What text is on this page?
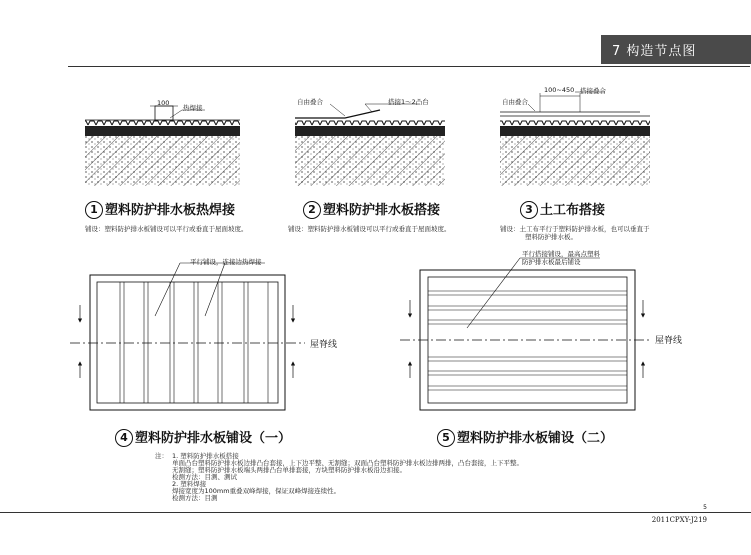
7 构造节点图
100
热焊接
自由叠合	搭接1～2凸台	自由叠合
100~450 搭接叠合
1 塑料防护排水板热焊接	2 塑料防护排水板搭接	3 土工布搭接
铺设：塑料防护排水板铺设可以平行或垂直于屋面坡度。	铺设：塑料防护排水板铺设可以平行或垂直于屋面坡度。	铺设：土工布平行于塑料防护排水板，也可以垂直于
塑料防护排水板。
平行铺设，连接边热焊接
屋脊线
平行搭接铺设，最高点塑料
防护排水板最后铺设
屋脊线
4 塑料防护排水板铺设（一）	5 塑料防护排水板铺设（二）
注： 1. 塑料防护排水板搭接
单面凸台塑料防护排水板边排凸台套接，上下边平整、无割缝；双面凸台塑料防护排水板边排两排，凸台套接，上下平整。
无割缝；塑料防护排水板端头两排凸台单排套接，方块塑料防护排水板沿边扣接。
检测方法：目测、测试
2. 塑料焊接
焊接宽度为100mm重叠双峰焊接，保证双峰焊接连续性。
检测方法：目测
5
2011CPXY-J219
